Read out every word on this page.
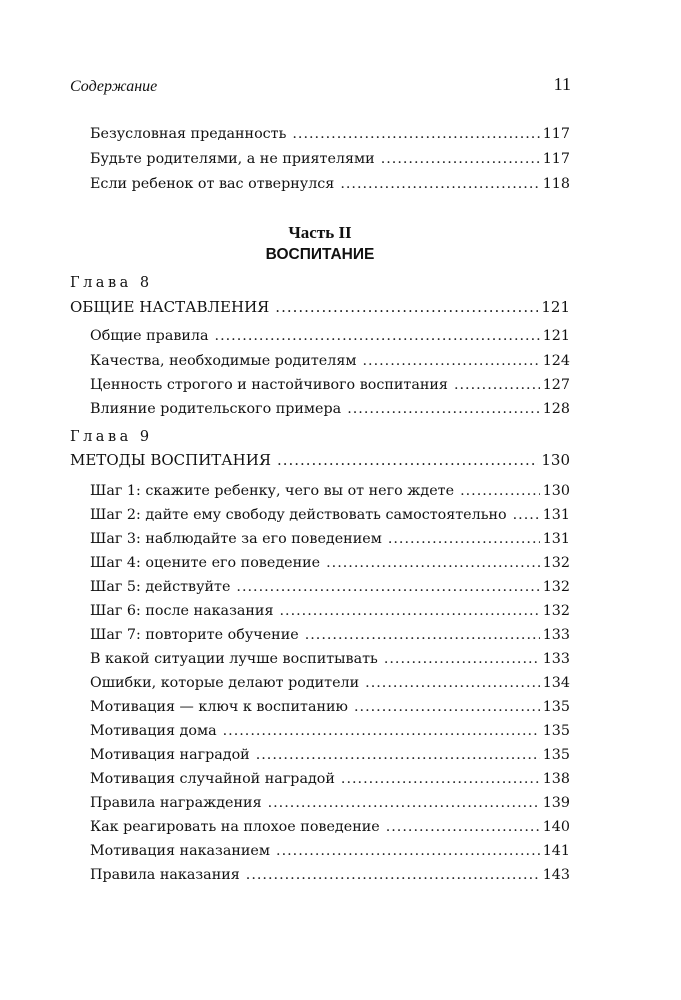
Содержание	11
Безусловная преданность .....	117
Будьте родителями, а не приятелями .....	117
Если ребенок от вас отвернулся .....	118
Часть II
ВОСПИТАНИЕ
Глава 8
ОБЩИЕ НАСТАВЛЕНИЯ .....	121
Общие правила .....	121
Качества, необходимые родителям .....	124
Ценность строгого и настойчивого воспитания .....	127
Влияние родительского примера .....	128
Глава 9
МЕТОДЫ ВОСПИТАНИЯ .....	130
Шаг 1: скажите ребенку, чего вы от него ждете .....	130
Шаг 2: дайте ему свободу действовать самостоятельно .....	131
Шаг 3: наблюдайте за его поведением .....	131
Шаг 4: оцените его поведение .....	132
Шаг 5: действуйте .....	132
Шаг 6: после наказания .....	132
Шаг 7: повторите обучение .....	133
В какой ситуации лучше воспитывать .....	133
Ошибки, которые делают родители .....	134
Мотивация — ключ к воспитанию .....	135
Мотивация дома .....	135
Мотивация наградой .....	135
Мотивация случайной наградой .....	138
Правила награждения .....	139
Как реагировать на плохое поведение .....	140
Мотивация наказанием .....	141
Правила наказания .....	143
